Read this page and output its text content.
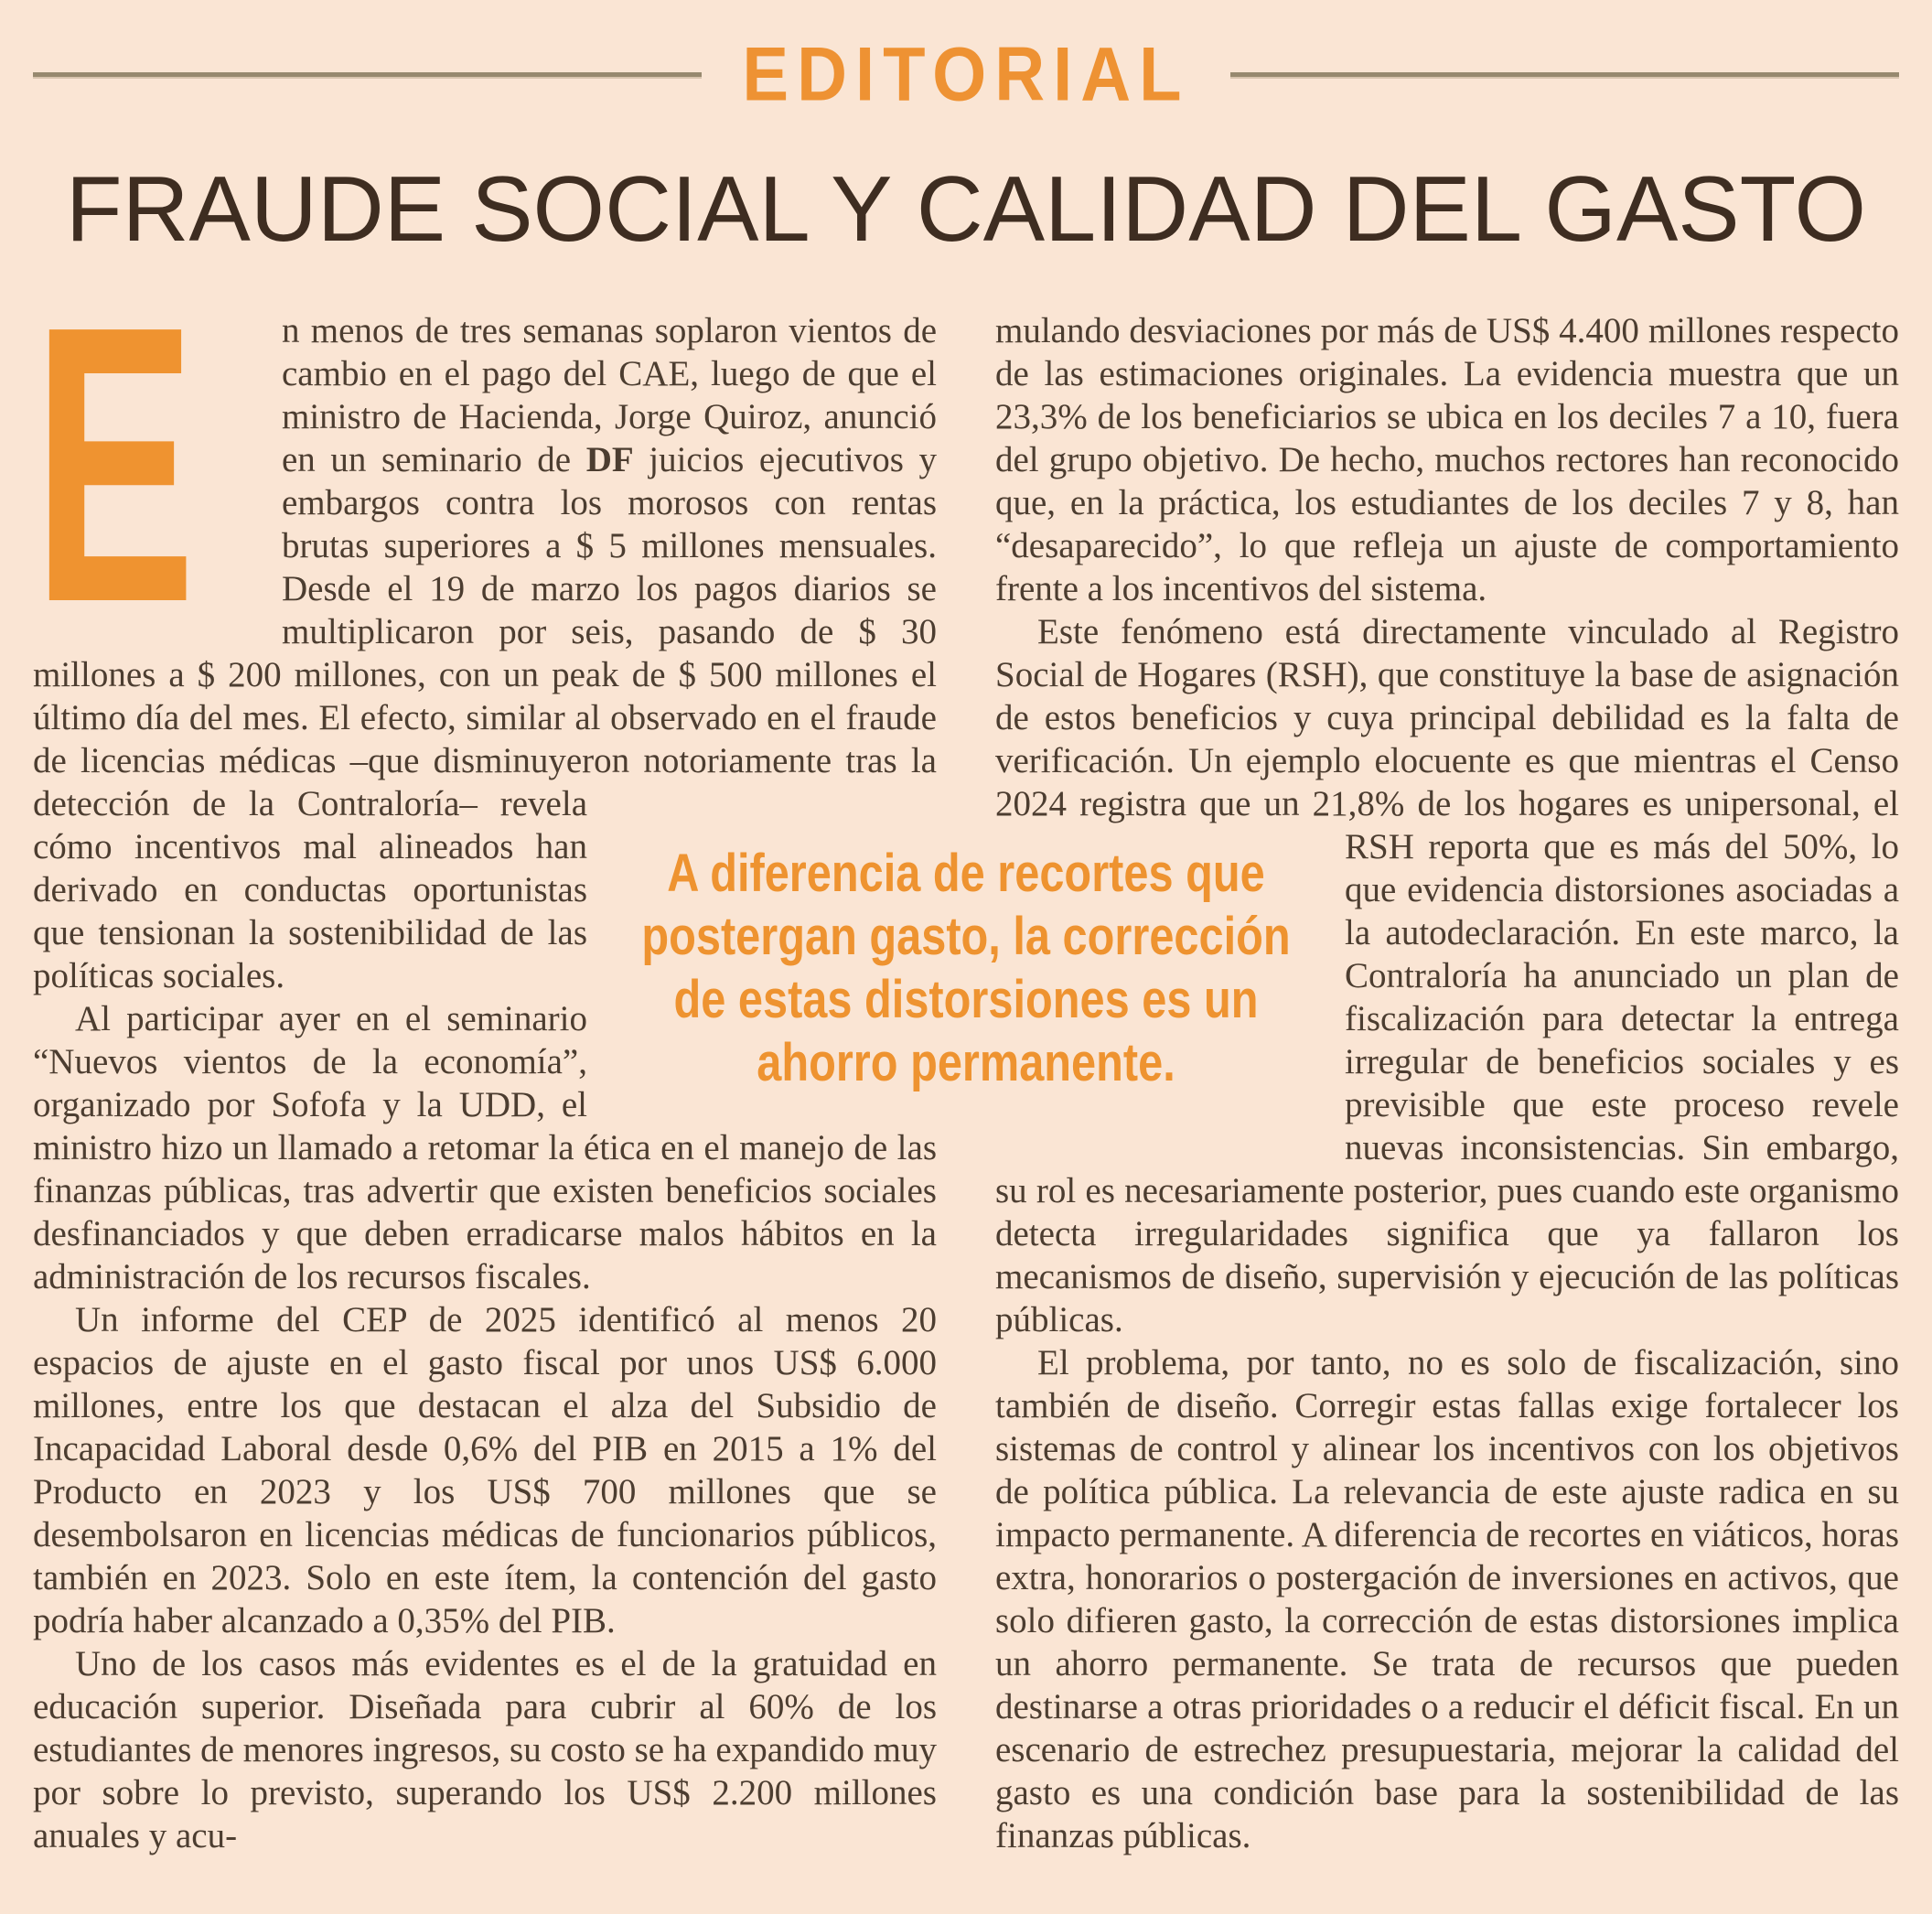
EDITORIAL
FRAUDE SOCIAL Y CALIDAD DEL GASTO

E n menos de tres semanas soplaron vientos de cambio en el pago del CAE, luego de que el ministro de Hacienda, Jorge Quiroz, anunció en un seminario de DF juicios ejecutivos y embargos contra los morosos con rentas brutas superiores a $ 5 millones mensuales. Desde el 19 de marzo los pagos diarios se multiplicaron por seis, pasando de $ 30 millones a $ 200 millones, con un peak de $ 500 millones el último día del mes. El efecto, similar al observado en el fraude de licencias médicas –que disminuyeron notoriamente tras la detección de la Contraloría– revela
cómo incentivos mal alineados han derivado en conductas oportunistas que tensionan la sostenibilidad de las políticas sociales.

Al participar ayer en el seminario “Nuevos vientos de la economía”, organizado por Sofofa y la UDD, el ministro hizo un llamado a retomar la ética en el manejo de las finanzas públicas, tras advertir que existen beneficios sociales desfinanciados y que deben erradicarse malos hábitos en la administración de los recursos fiscales.

Un informe del CEP de 2025 identificó al menos 20 espacios de ajuste en el gasto fiscal por unos US$ 6.000 millones, entre los que destacan el alza del Subsidio de Incapacidad Laboral desde 0,6% del PIB en 2015 a 1% del Producto en 2023 y los US$ 700 millones que se desembolsaron en licencias médicas de funcionarios públicos, también en 2023. Solo en este ítem, la contención del gasto podría haber alcanzado a 0,35% del PIB.

Uno de los casos más evidentes es el de la gratuidad en educación superior. Diseñada para cubrir al 60% de los estudiantes de menores ingresos, su costo se ha expandido muy por sobre lo previsto, superando los US$ 2.200 millones anuales y acu-

mulando desviaciones por más de US$ 4.400 millones respecto de las estimaciones originales. La evidencia muestra que un 23,3% de los beneficiarios se ubica en los deciles 7 a 10, fuera del grupo objetivo. De hecho, muchos rectores han reconocido que, en la práctica, los estudiantes de los deciles 7 y 8, han “desaparecido”, lo que refleja un ajuste de comportamiento frente a los incentivos del sistema.

Este fenómeno está directamente vinculado al Registro Social de Hogares (RSH), que constituye la base de asignación de estos beneficios y cuya principal debilidad es la falta de verificación. Un ejemplo elocuente es que mientras el Censo 2024 registra que un 21,8% de los hogares es unipersonal, el
RSH reporta que es más del 50%, lo que evidencia distorsiones asociadas a la autodeclaración. En este marco, la Contraloría ha anunciado un plan de fiscalización para detectar la entrega irregular de beneficios sociales y es previsible que este proceso revele nuevas inconsistencias. Sin embargo, su rol es necesariamente posterior, pues cuando este organismo detecta irregularidades significa que ya fallaron los mecanismos de diseño, supervisión y ejecución de las políticas públicas.

El problema, por tanto, no es solo de fiscalización, sino también de diseño. Corregir estas fallas exige fortalecer los sistemas de control y alinear los incentivos con los objetivos de política pública. La relevancia de este ajuste radica en su impacto permanente. A diferencia de recortes en viáticos, horas extra, honorarios o postergación de inversiones en activos, que solo difieren gasto, la corrección de estas distorsiones implica un ahorro permanente. Se trata de recursos que pueden destinarse a otras prioridades o a reducir el déficit fiscal. En un escenario de estrechez presupuestaria, mejorar la calidad del gasto es una condición base para la sostenibilidad de las finanzas públicas.

A diferencia de recortes que
postergan gasto, la corrección
de estas distorsiones es un
ahorro permanente.
